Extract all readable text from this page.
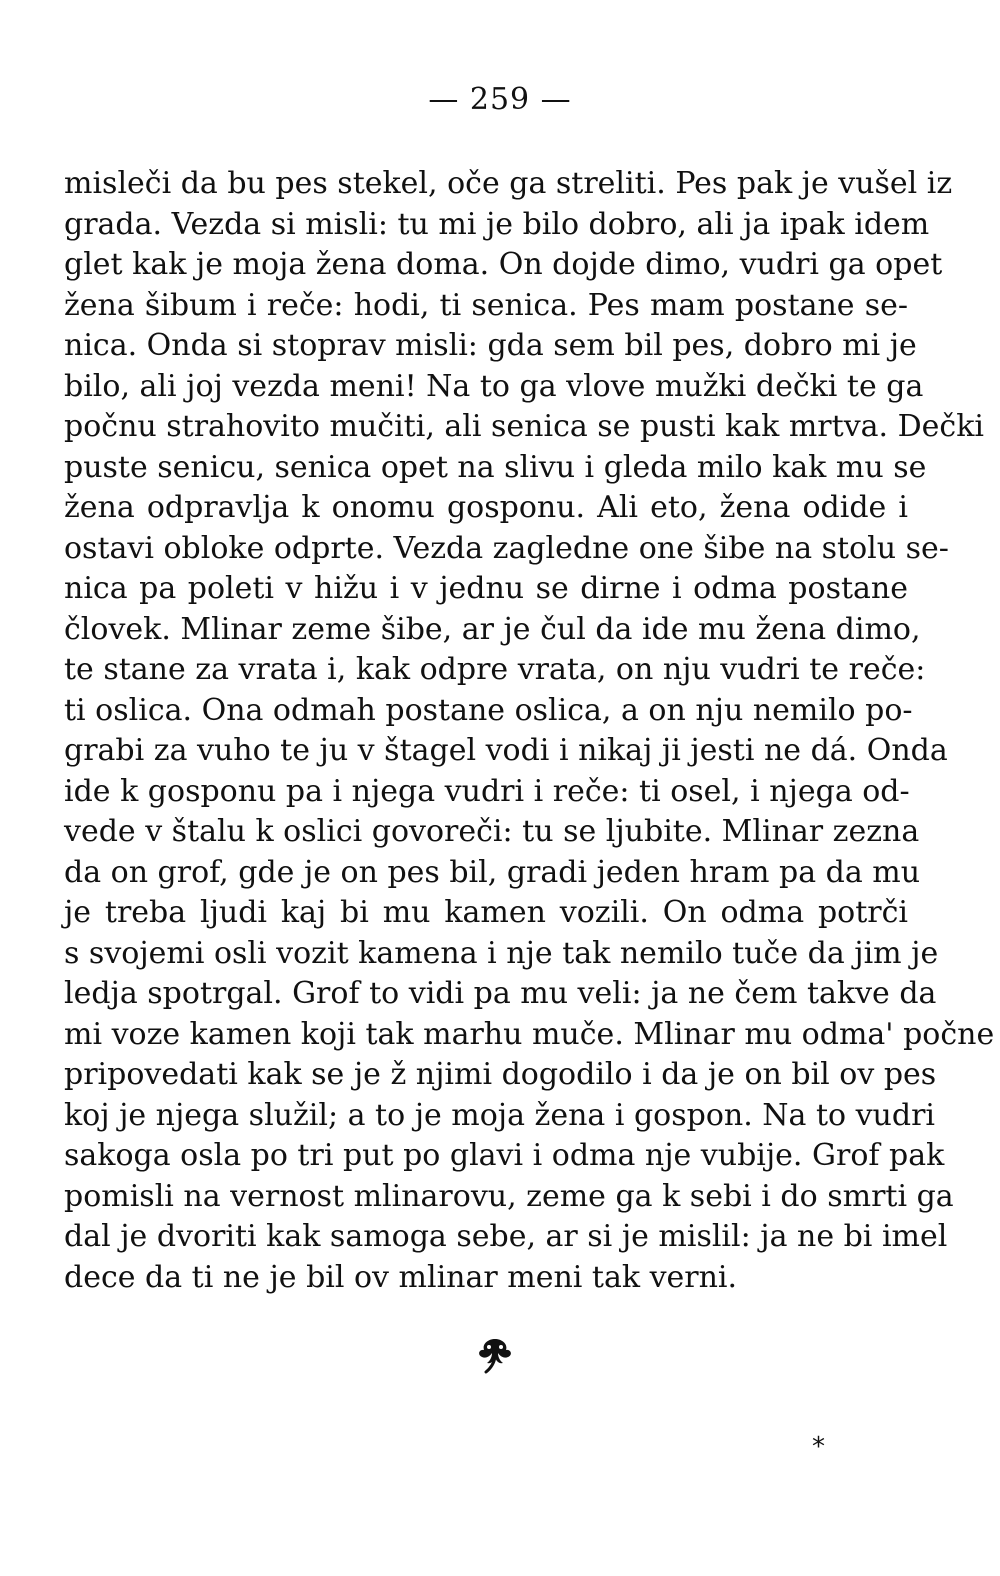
— 259 —
misleči da bu pes stekel, oče ga streliti. Pes pak je vušel iz
grada. Vezda si misli: tu mi je bilo dobro, ali ja ipak idem
glet kak je moja žena doma. On dojde dimo, vudri ga opet
žena šibum i reče: hodi, ti senica. Pes mam postane se-
nica. Onda si stoprav misli: gda sem bil pes, dobro mi je
bilo, ali joj vezda meni! Na to ga vlove mužki dečki te ga
počnu strahovito mučiti, ali senica se pusti kak mrtva. Dečki
puste senicu, senica opet na slivu i gleda milo kak mu se
žena odpravlja k onomu gosponu. Ali eto, žena odide i
ostavi obloke odprte. Vezda zagledne one šibe na stolu se-
nica pa poleti v hižu i v jednu se dirne i odma postane
človek. Mlinar zeme šibe, ar je čul da ide mu žena dimo,
te stane za vrata i, kak odpre vrata, on nju vudri te reče:
ti oslica. Ona odmah postane oslica, a on nju nemilo po-
grabi za vuho te ju v štagel vodi i nikaj ji jesti ne dá. Onda
ide k gosponu pa i njega vudri i reče: ti osel, i njega od-
vede v štalu k oslici govoreči: tu se ljubite. Mlinar zezna
da on grof, gde je on pes bil, gradi jeden hram pa da mu
je treba ljudi kaj bi mu kamen vozili. On odma potrči
s svojemi osli vozit kamena i nje tak nemilo tuče da jim je
ledja spotrgal. Grof to vidi pa mu veli: ja ne čem takve da
mi voze kamen koji tak marhu muče. Mlinar mu odma' počne
pripovedati kak se je ž njimi dogodilo i da je on bil ov pes
koj je njega služil; a to je moja žena i gospon. Na to vudri
sakoga osla po tri put po glavi i odma nje vubije. Grof pak
pomisli na vernost mlinarovu, zeme ga k sebi i do smrti ga
dal je dvoriti kak samoga sebe, ar si je mislil: ja ne bi imel
dece da ti ne je bil ov mlinar meni tak verni.
*
